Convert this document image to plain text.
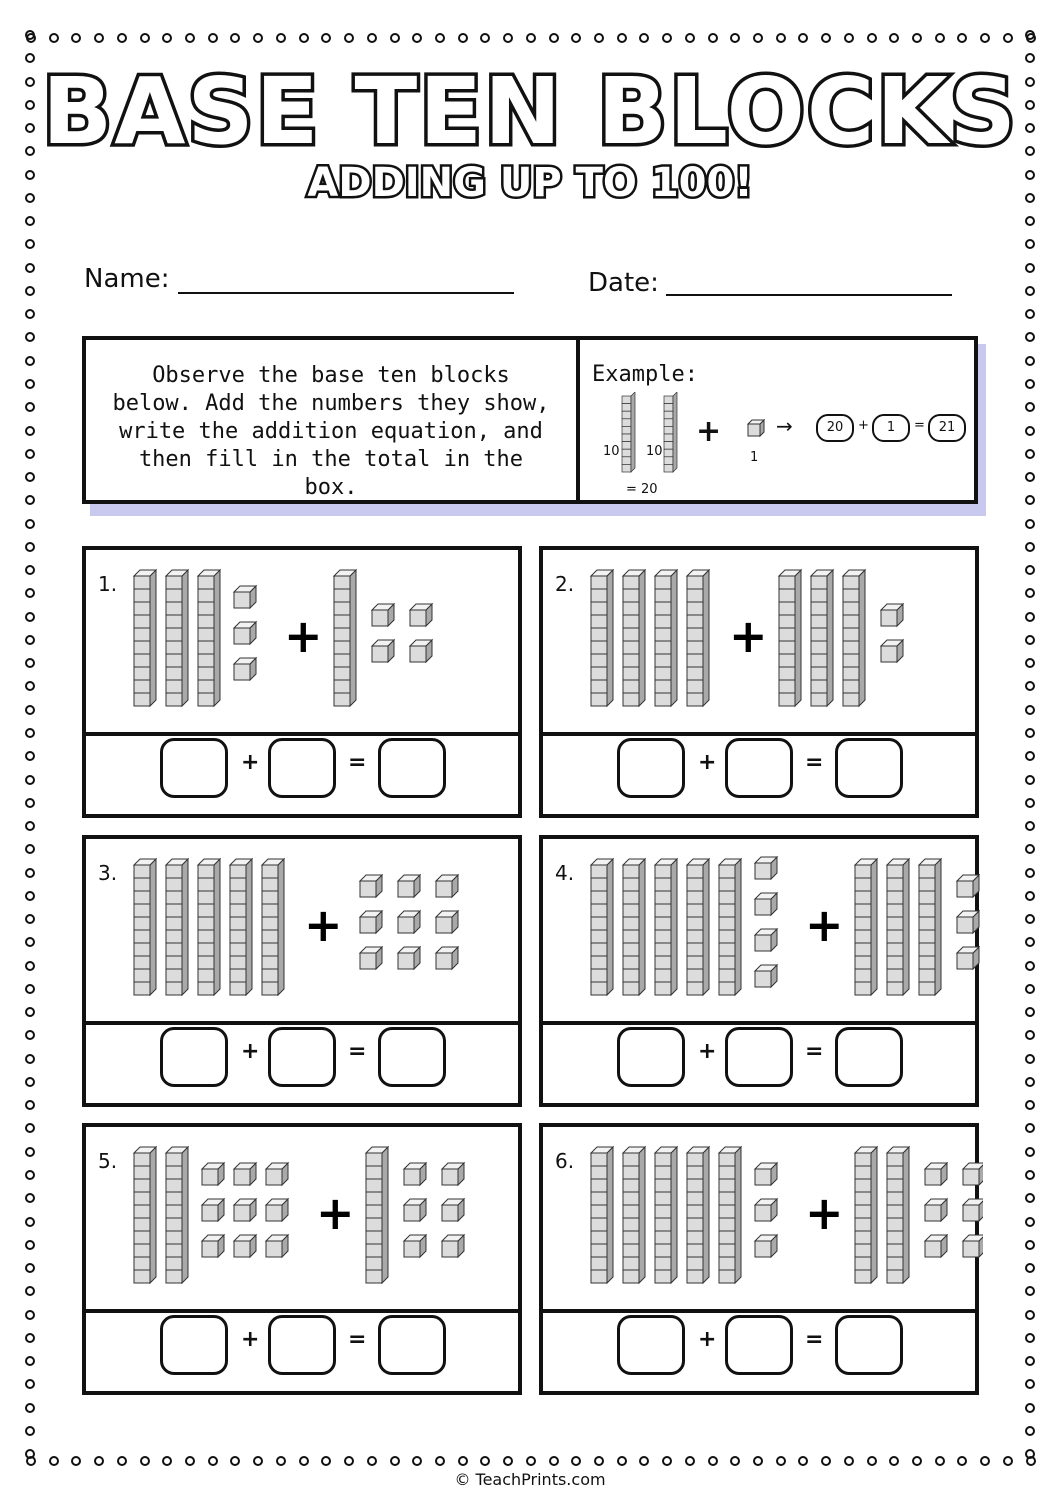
BASE TEN BLOCKS
ADDING UP TO 100!
Name:	Date:
Observe the base ten blocks below. Add the numbers they show, write the addition equation, and then fill in the total in the box.
Example:
10 10
= 20
1
+	→	20	+	1	=	21
1.
+
+	=
2.
+
+	=
3.
+
+	=
4.
+
+	=
5.
+
+	=
6.
+
+	=
© TeachPrints.com
